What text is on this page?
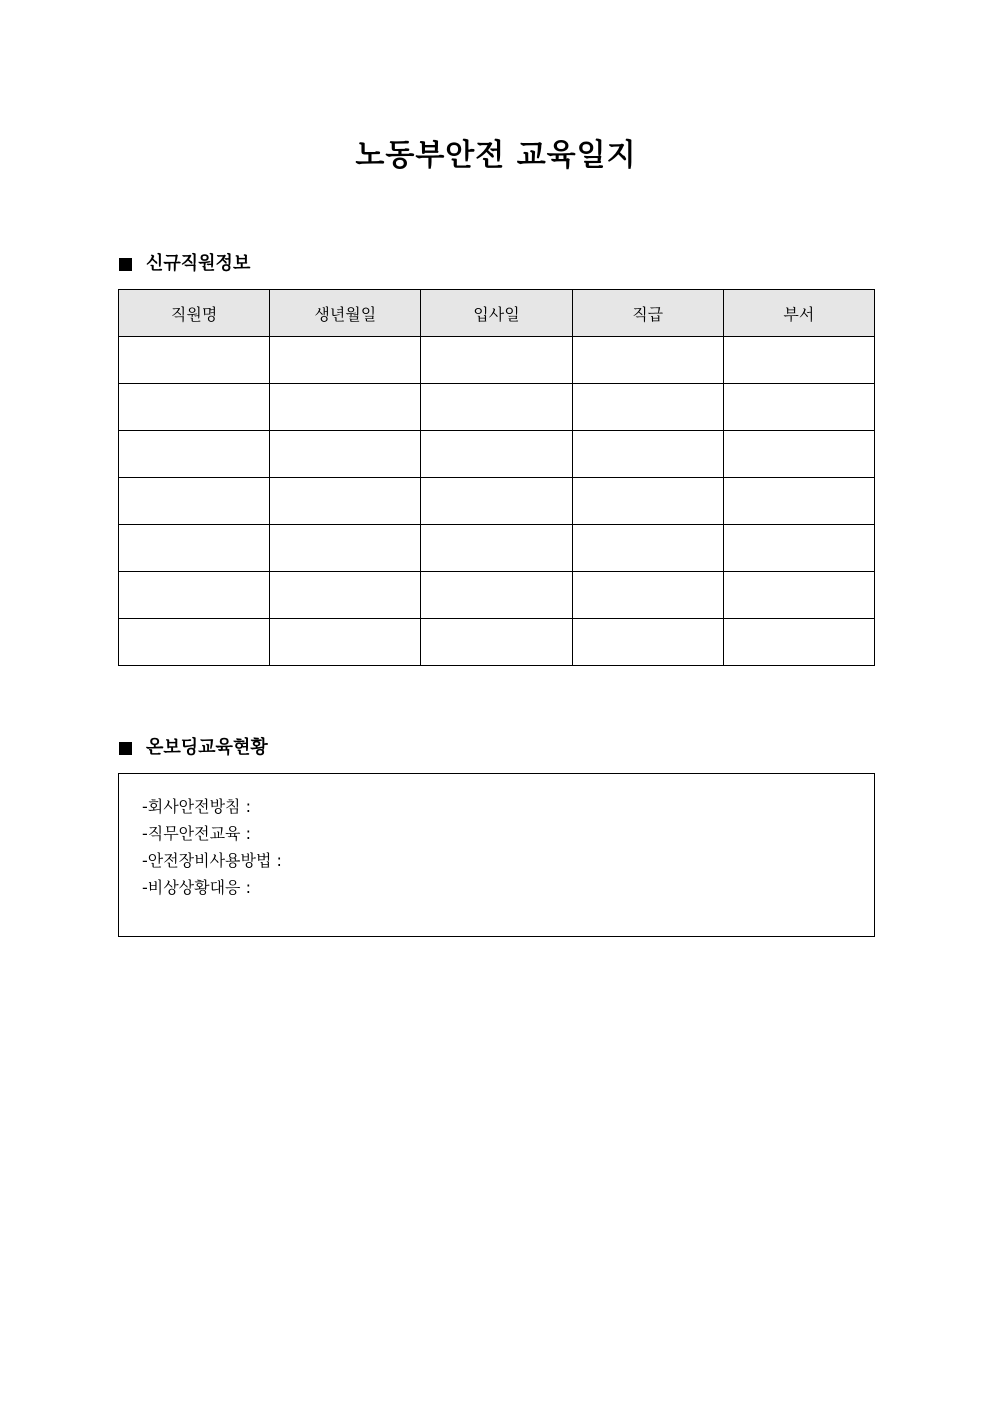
노동부안전 교육일지
신규직원정보
직원명	생년월일	입사일	직급	부서

온보딩교육현황
-회사안전방침 :
-직무안전교육 :
-안전장비사용방법 :
-비상상황대응 :
